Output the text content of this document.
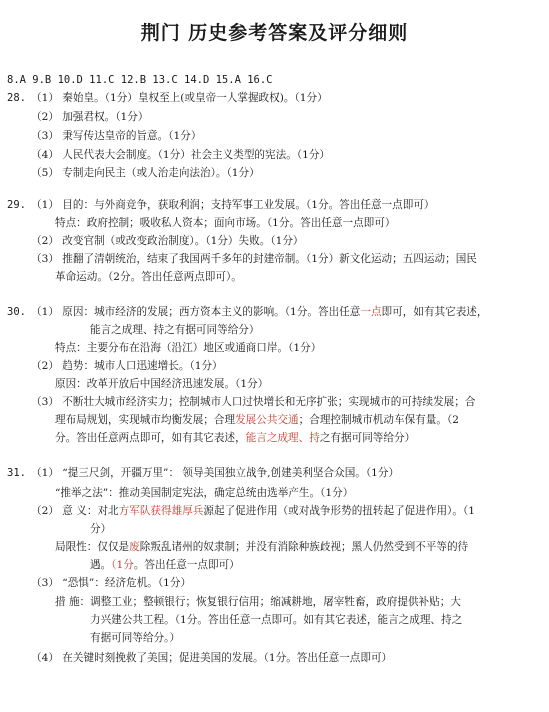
荆门 历史参考答案及评分细则
8.A 9.B 10.D 11.C 12.B 13.C 14.D 15.A 16.C
28. （1） 秦始皇。（1分）皇权至上(或皇帝一人掌握政权)。（1分）
（2） 加强君权。（1分）
（3） 秉写传达皇帝的旨意。（1分）
（4） 人民代表大会制度。（1分）社会主义类型的宪法。（1分）
（5） 专制走向民主（或人治走向法治）。（1分）
29. （1） 目的：与外商竞争，获取利润；支持军事工业发展。（1分。答出任意一点即可）
特点：政府控制；吸收私人资本；面向市场。（1分。答出任意一点即可）
（2） 改变官制（或改变政治制度）。（1分）失败。（1分）
（3） 推翻了清朝统治，结束了我国两千多年的封建帝制。（1分）新文化运动；五四运动；国民
革命运动。（2分。答出任意两点即可）。
30. （1） 原因：城市经济的发展；西方资本主义的影响。（1分。答出任意一点即可，如有其它表述，
能言之成理、持之有据可同等给分）
特点：主要分布在沿海（沿江）地区或通商口岸。（1分）
（2） 趋势：城市人口迅速增长。（1分）
原因：改革开放后中国经济迅速发展。（1分）
（3） 不断壮大城市经济实力；控制城市人口过快增长和无序扩张；实现城市的可持续发展；合
理布局规划，实现城市均衡发展；合理发展公共交通；合理控制城市机动车保有量。（2
分。答出任意两点即可，如有其它表述，能言之成理、持之有据可同等给分）
31. （1） “提三尺剑，开疆万里”： 领导美国独立战争,创建美利坚合众国。（1分）
“推举之法”：推动美国制定宪法，确定总统由选举产生。（1分）
（2） 意 义：对北方军队获得雄厚兵源起了促进作用（或对战争形势的扭转起了促进作用）。（1
分）
局限性：仅仅是废除叛乱诸州的奴隶制；并没有消除种族歧视；黑人仍然受到不平等的待
遇。（1分。答出任意一点即可）
（3） “恐惧”：经济危机。（1分）
措 施：调整工业；整顿银行；恢复银行信用；缩减耕地，屠宰牲畜，政府提供补贴；大
力兴建公共工程。（1分。答出任意一点即可。如有其它表述，能言之成理、持之
有据可同等给分。）
（4） 在关键时刻挽救了美国；促进美国的发展。（1分。答出任意一点即可）
